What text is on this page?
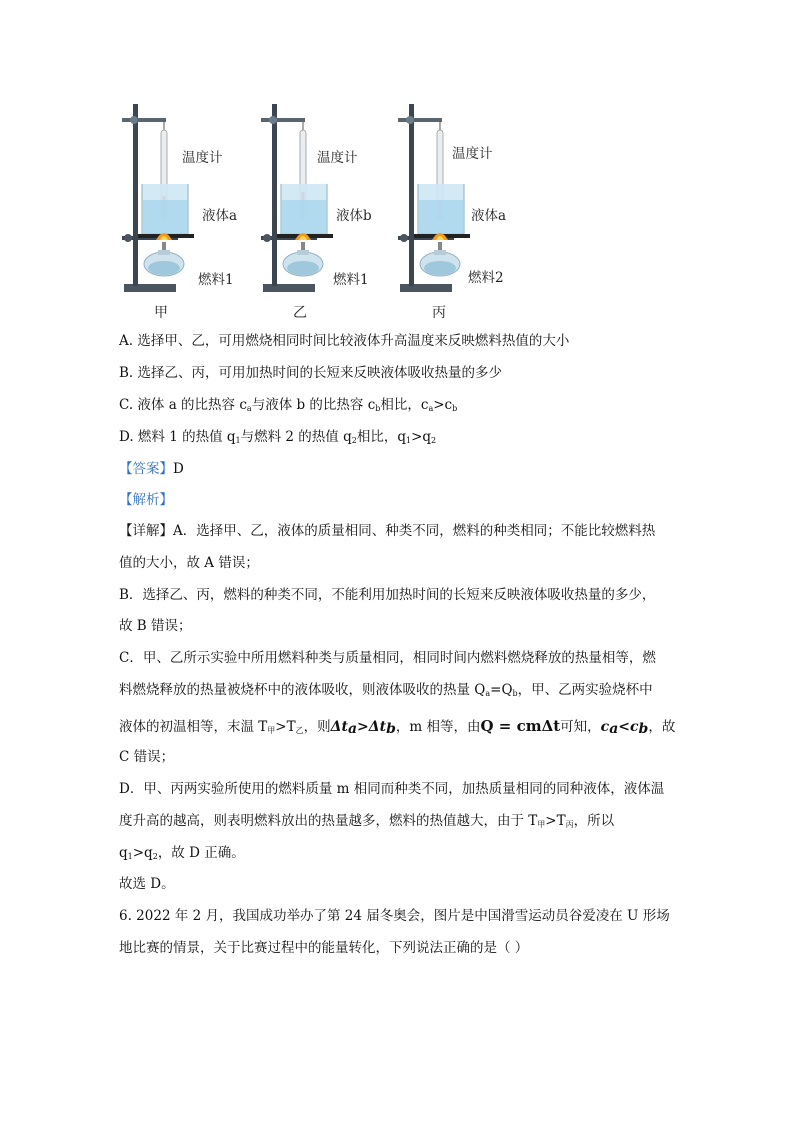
温度计
液体a
燃料1
甲
温度计
液体b
燃料1
乙
温度计
液体a
燃料2
丙
A. 选择甲、乙，可用燃烧相同时间比较液体升高温度来反映燃料热值的大小
B. 选择乙、丙，可用加热时间的长短来反映液体吸收热量的多少
C. 液体 a 的比热容 $c_a$与液体 b 的比热容 $c_b$相比，$c_a>c_b$
D. 燃料 1 的热值 $q_1$与燃料 2 的热值 $q_2$相比，$q_1>q_2$
【答案】D
【解析】
【详解】A．选择甲、乙，液体的质量相同、种类不同，燃料的种类相同；不能比较燃料热
值的大小，故 A 错误；
B．选择乙、丙，燃料的种类不同，不能利用加热时间的长短来反映液体吸收热量的多少，
故 B 错误；
C．甲、乙所示实验中所用燃料种类与质量相同，相同时间内燃料燃烧释放的热量相等，燃
料燃烧释放的热量被烧杯中的液体吸收，则液体吸收的热量 $Q_a=Q_b$，甲、乙两实验烧杯中
液体的初温相等，末温 $T_甲>T_乙$，则Δta>Δtb，m 相等，由Q = cmΔt可知，ca<cb，故
C 错误；
D．甲、丙两实验所使用的燃料质量 m 相同而种类不同，加热质量相同的同种液体，液体温
度升高的越高，则表明燃料放出的热量越多，燃料的热值越大，由于 $T_甲>T_丙$，所以
$q_1>q_2$，故 D 正确。
故选 D。
6. 2022 年 2 月，我国成功举办了第 24 届冬奥会，图片是中国滑雪运动员谷爱凌在 U 形场
地比赛的情景，关于比赛过程中的能量转化，下列说法正确的是（ ）
